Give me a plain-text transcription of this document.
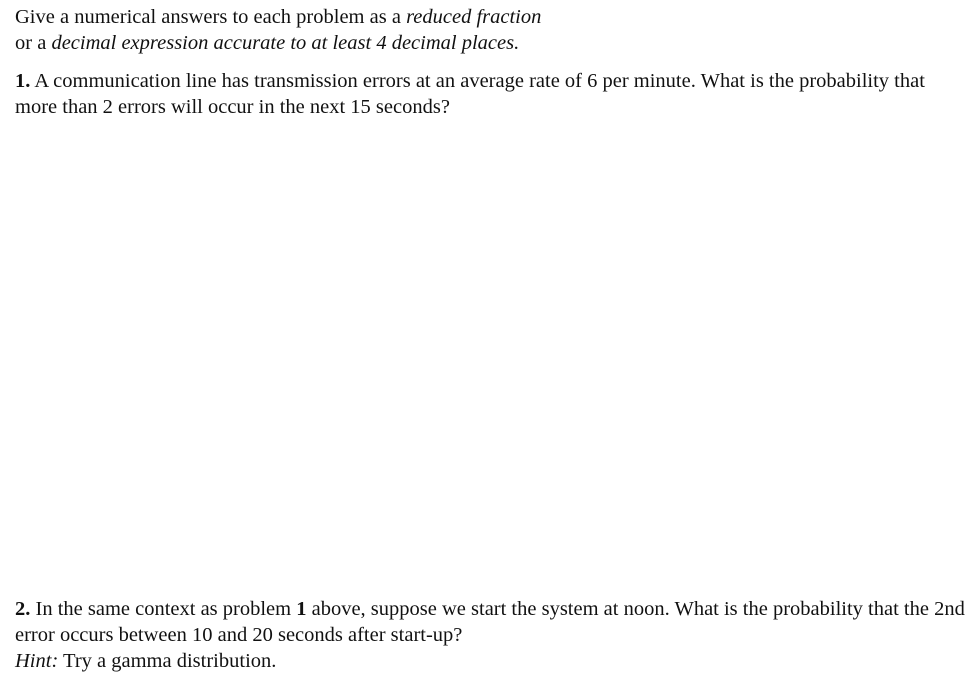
Give a numerical answers to each problem as a reduced fraction

or a decimal expression accurate to at least 4 decimal places.

1. A communication line has transmission errors at an average rate of 6 per minute. What is the probability that more than 2 errors will occur in the next 15 seconds?

2. In the same context as problem 1 above, suppose we start the system at noon. What is the probability that the 2nd error occurs between 10 and 20 seconds after start-up?

Hint: Try a gamma distribution.
